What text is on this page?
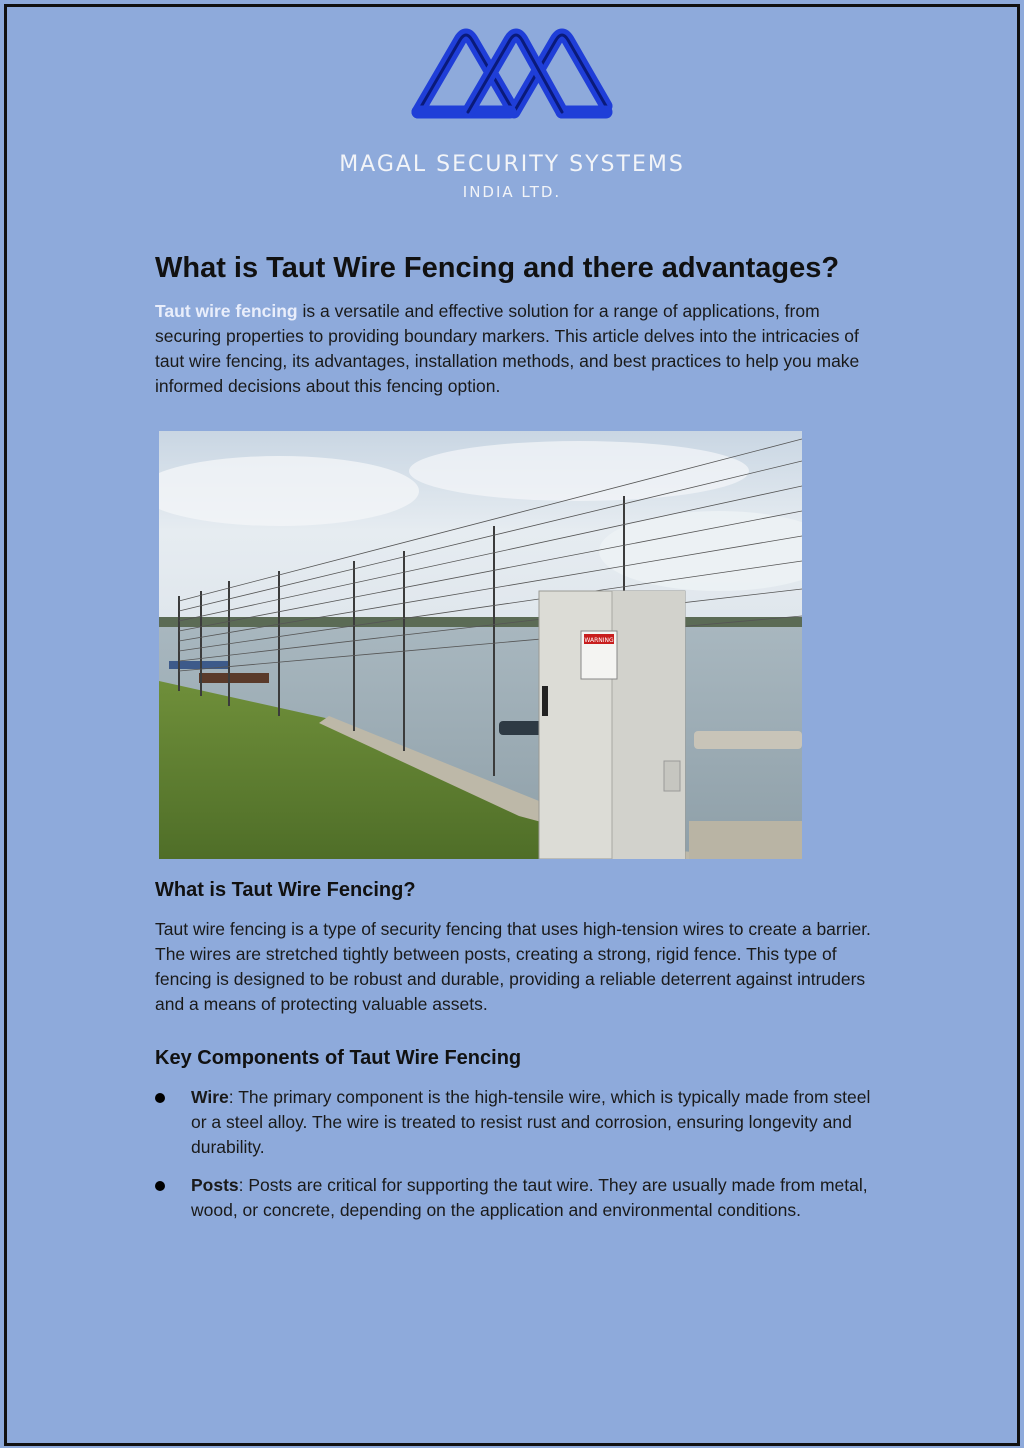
MAGAL SECURITY SYSTEMS
INDIA LTD.
What is Taut Wire Fencing and there advantages?

Taut wire fencing is a versatile and effective solution for a range of applications, from securing properties to providing boundary markers. This article delves into the intricacies of taut wire fencing, its advantages, installation methods, and best practices to help you make informed decisions about this fencing option.

WARNING
What is Taut Wire Fencing?

Taut wire fencing is a type of security fencing that uses high-tension wires to create a barrier. The wires are stretched tightly between posts, creating a strong, rigid fence. This type of fencing is designed to be robust and durable, providing a reliable deterrent against intruders and a means of protecting valuable assets.

Key Components of Taut Wire Fencing
Wire: The primary component is the high-tensile wire, which is typically made from steel or a steel alloy. The wire is treated to resist rust and corrosion, ensuring longevity and durability.
Posts: Posts are critical for supporting the taut wire. They are usually made from metal, wood, or concrete, depending on the application and environmental conditions.
